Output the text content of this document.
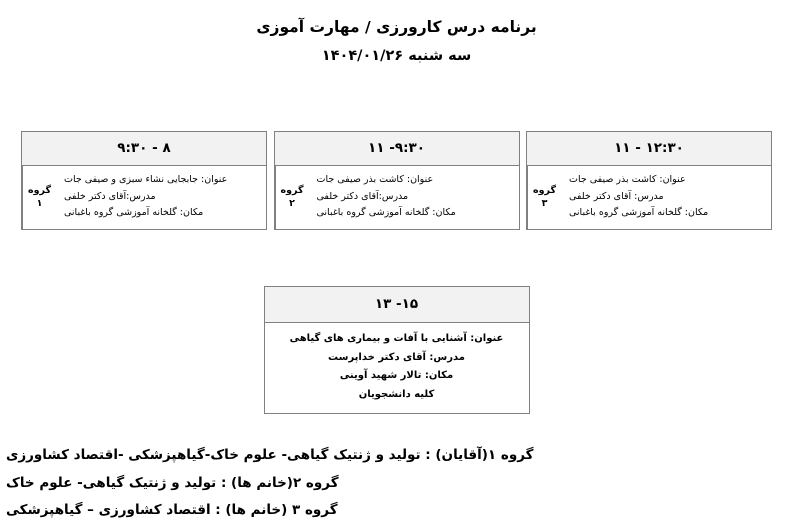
برنامه درس کارورزی / مهارت آموزی
سه شنبه ۱۴۰۴/۰۱/۲۶
۸ - ۹:۳۰
گروه
۱
عنوان: جابجایی نشاء سبزی و صیفی جات
مدرس:آقای دکتر خلفی
مکان: گلخانه آموزشی گروه باغبانی
۹:۳۰- ۱۱
گروه
۲
عنوان: کاشت بذر صیفی جات
مدرس:آقای دکتر خلفی
مکان: گلخانه آموزشی گروه باغبانی
۱۲:۳۰ - ۱۱
گروه
۳
عنوان: کاشت بذر صیفی جات
مدرس: آقای دکتر خلفی
مکان: گلخانه آموزشی گروه باغبانی
۱۵- ۱۳
عنوان: آشنایی با آفات و بیماری های گیاهی
مدرس: آقای دکتر خداپرست
مکان: تالار شهید آوینی
کلیه دانشجویان
گروه ۱(آقایان) : تولید و ژنتیک گیاهی- علوم خاک-گیاهپزشکی -اقتصاد کشاورزی
گروه ۲(خانم ها) : تولید و ژنتیک گیاهی- علوم خاک
گروه ۳ (خانم ها) : اقتصاد کشاورزی – گیاهپزشکی
